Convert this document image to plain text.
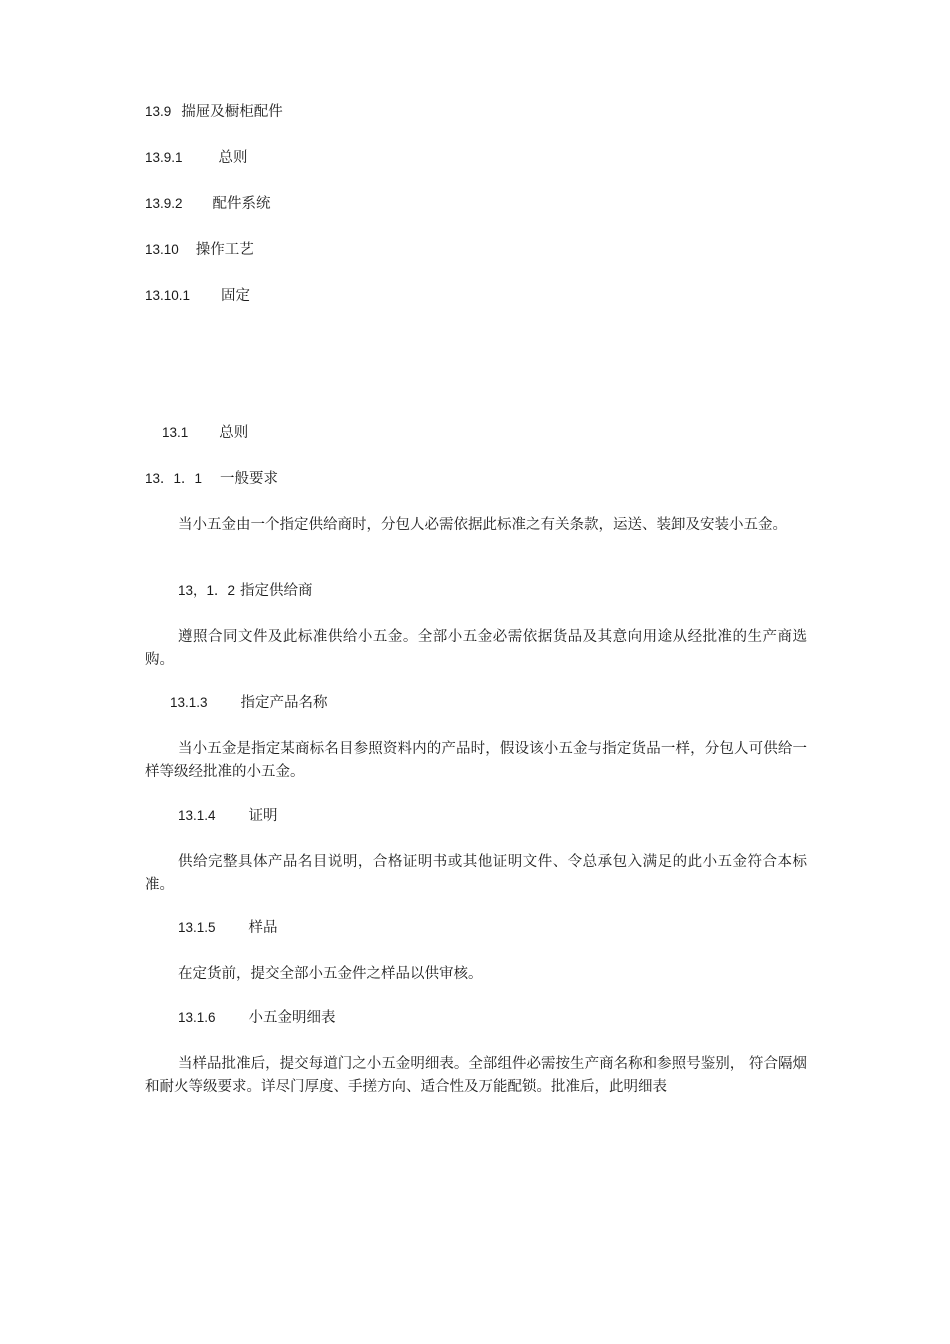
13.9 揣屉及橱柜配件
13.9.1 总则
13.9.2 配件系统
13.10 操作工艺
13.10.1 固定
13.1 总则
13．1．1 一般要求
当小五金由一个指定供给商时，分包人必需依据此标准之有关条款，运送、装卸及安装小五金。
13，1．2 指定供给商
遵照合同文件及此标准供给小五金。全部小五金必需依据货品及其意向用途从经批准的生产商选购。
13.1.3 指定产品名称
当小五金是指定某商标名目参照资料内的产品时，假设该小五金与指定货品一样，分包人可供给一样等级经批准的小五金。
13.1.4 证明
供给完整具体产品名目说明，合格证明书或其他证明文件、令总承包入满足的此小五金符合本标准。
13.1.5 样品
在定货前，提交全部小五金件之样品以供审核。
13.1.6 小五金明细表
当样品批准后，提交每道门之小五金明细表。全部组件必需按生产商名称和参照号鉴别， 符合隔烟和耐火等级要求。详尽门厚度、手搓方向、适合性及万能配锁。批准后，此明细表
